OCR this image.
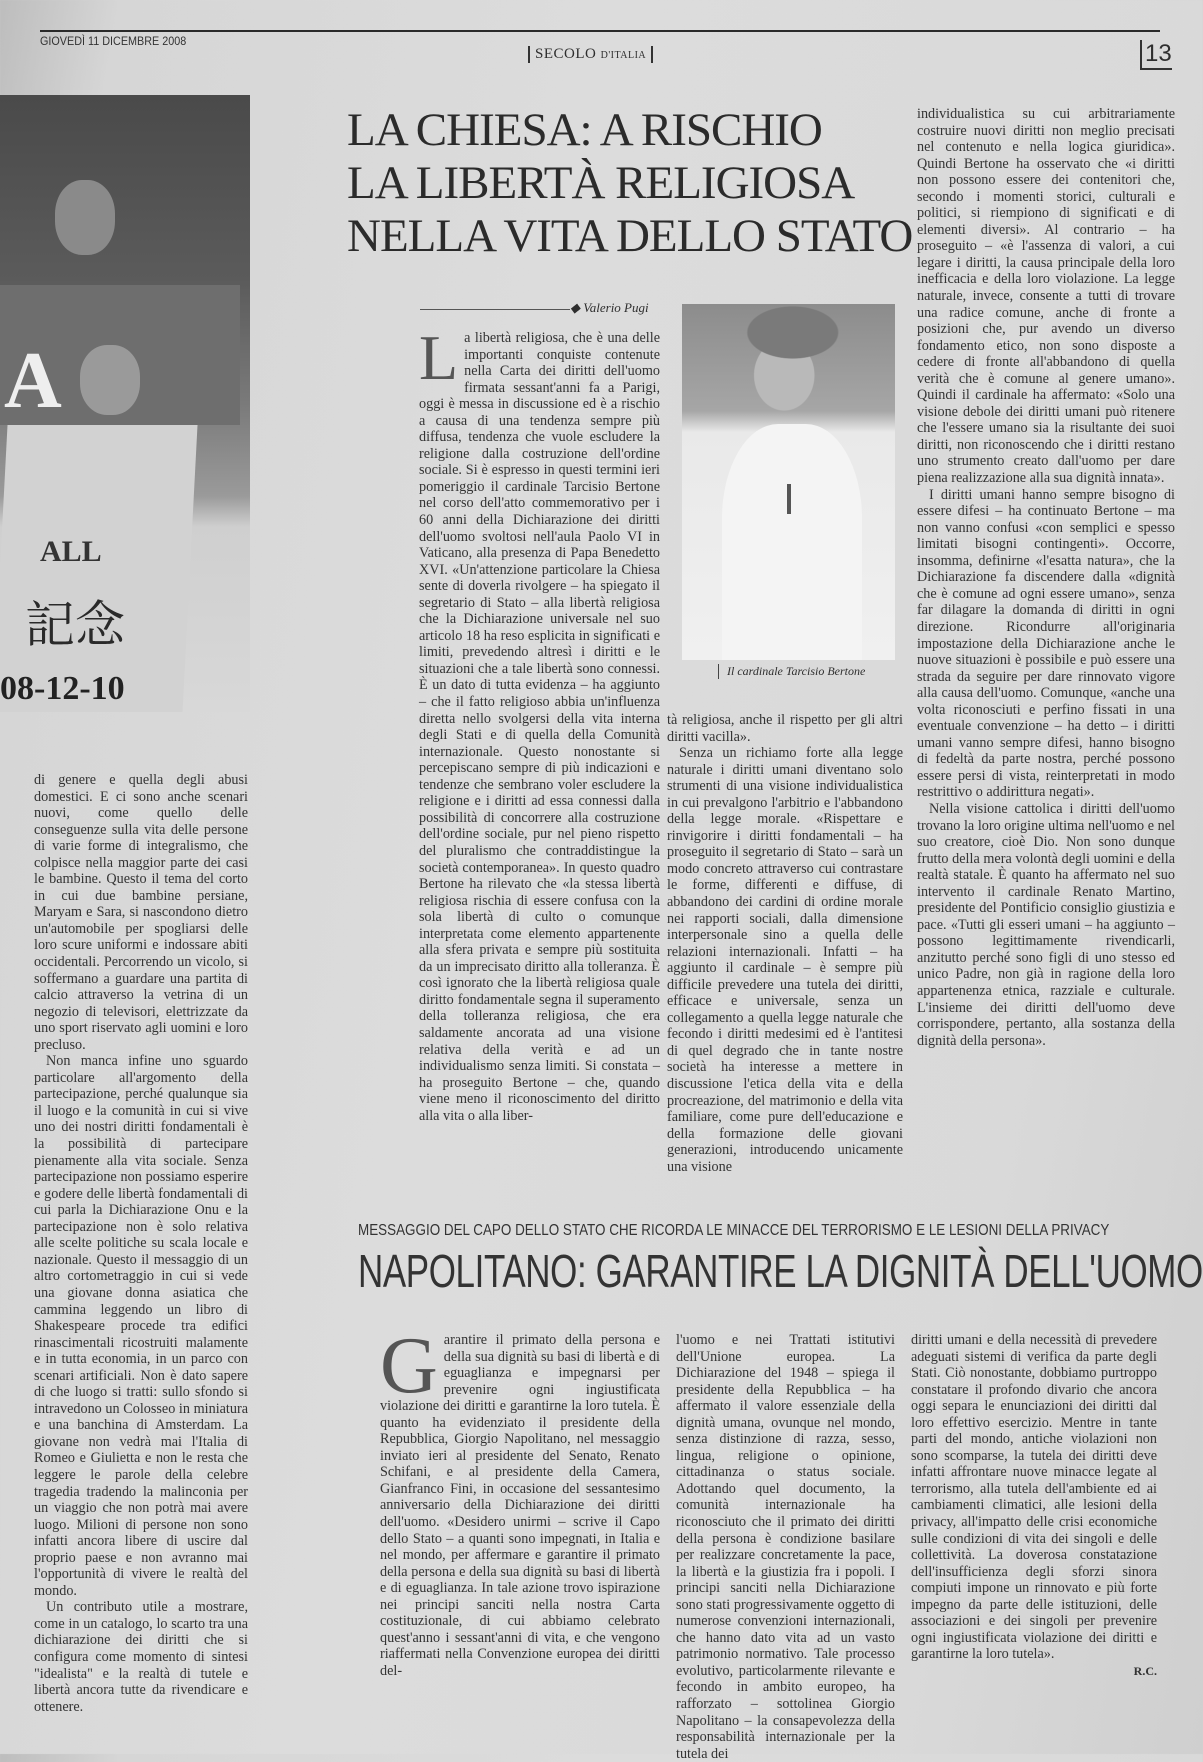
GIOVEDÌ 11 DICEMBRE 2008
SECOLO D'ITALIA	13
A
ALL
記念
08-12-10

di genere e quella degli abusi domestici. E ci sono anche scenari nuovi, come quello delle conseguenze sulla vita delle persone di varie forme di integralismo, che colpisce nella maggior parte dei casi le bambine. Questo il tema del corto in cui due bambine persiane, Maryam e Sara, si nascondono dietro un'automobile per spogliarsi delle loro scure uniformi e indossare abiti occidentali. Percorrendo un vicolo, si soffermano a guardare una partita di calcio attraverso la vetrina di un negozio di televisori, elettrizzate da uno sport riservato agli uomini e loro precluso.

Non manca infine uno sguardo particolare all'argomento della partecipazione, perché qualunque sia il luogo e la comunità in cui si vive uno dei nostri diritti fondamentali è la possibilità di partecipare pienamente alla vita sociale. Senza partecipazione non possiamo esperire e godere delle libertà fondamentali di cui parla la Dichiarazione Onu e la partecipazione non è solo relativa alle scelte politiche su scala locale e nazionale. Questo il messaggio di un altro cortometraggio in cui si vede una giovane donna asiatica che cammina leggendo un libro di Shakespeare procede tra edifici rinascimentali ricostruiti malamente e in tutta economia, in un parco con scenari artificiali. Non è dato sapere di che luogo si tratti: sullo sfondo si intravedono un Colosseo in miniatura e una banchina di Amsterdam. La giovane non vedrà mai l'Italia di Romeo e Giulietta e non le resta che leggere le parole della celebre tragedia tradendo la malinconia per un viaggio che non potrà mai avere luogo. Milioni di persone non sono infatti ancora libere di uscire dal proprio paese e non avranno mai l'opportunità di vivere le realtà del mondo.

Un contributo utile a mostrare, come in un catalogo, lo scarto tra una dichiarazione dei diritti che si configura come momento di sintesi "idealista" e la realtà di tutele e libertà ancora tutte da rivendicare e ottenere.

LA CHIESA: A RISCHIO
LA LIBERTÀ RELIGIOSA
NELLA VITA DELLO STATO
◆ Valerio Pugi
L a libertà religiosa, che è una delle importanti conquiste contenute nella Carta dei diritti dell'uomo firmata sessant'anni fa a Parigi, oggi è messa in discussione ed è a rischio a causa di una tendenza sempre più diffusa, tendenza che vuole escludere la religione dalla costruzione dell'ordine sociale. Si è espresso in questi termini ieri pomeriggio il cardinale Tarcisio Bertone nel corso dell'atto commemorativo per i 60 anni della Dichiarazione dei diritti dell'uomo svoltosi nell'aula Paolo VI in Vaticano, alla presenza di Papa Benedetto XVI. «Un'attenzione particolare la Chiesa sente di doverla rivolgere – ha spiegato il segretario di Stato – alla libertà religiosa che la Dichiarazione universale nel suo articolo 18 ha reso esplicita in significati e limiti, prevedendo altresì i diritti e le situazioni che a tale libertà sono connessi. È un dato di tutta evidenza – ha aggiunto – che il fatto religioso abbia un'influenza diretta nello svolgersi della vita interna degli Stati e di quella della Comunità internazionale. Questo nonostante si percepiscano sempre di più indicazioni e tendenze che sembrano voler escludere la religione e i diritti ad essa connessi dalla possibilità di concorrere alla costruzione dell'ordine sociale, pur nel pieno rispetto del pluralismo che contraddistingue la società contemporanea». In questo quadro Bertone ha rilevato che «la stessa libertà religiosa rischia di essere confusa con la sola libertà di culto o comunque interpretata come elemento appartenente alla sfera privata e sempre più sostituita da un imprecisato diritto alla tolleranza. È così ignorato che la libertà religiosa quale diritto fondamentale segna il superamento della tolleranza religiosa, che era saldamente ancorata ad una visione relativa della verità e ad un individualismo senza limiti. Si constata – ha proseguito Bertone – che, quando viene meno il riconoscimento del diritto alla vita o alla liber-

Il cardinale Tarcisio Bertone

tà religiosa, anche il rispetto per gli altri diritti vacilla».

Senza un richiamo forte alla legge naturale i diritti umani diventano solo strumenti di una visione individualistica in cui prevalgono l'arbitrio e l'abbandono della legge morale. «Rispettare e rinvigorire i diritti fondamentali – ha proseguito il segretario di Stato – sarà un modo concreto attraverso cui contrastare le forme, differenti e diffuse, di abbandono dei cardini di ordine morale nei rapporti sociali, dalla dimensione interpersonale sino a quella delle relazioni internazionali. Infatti – ha aggiunto il cardinale – è sempre più difficile prevedere una tutela dei diritti, efficace e universale, senza un collegamento a quella legge naturale che fecondo i diritti medesimi ed è l'antitesi di quel degrado che in tante nostre società ha interesse a mettere in discussione l'etica della vita e della procreazione, del matrimonio e della vita familiare, come pure dell'educazione e della formazione delle giovani generazioni, introducendo unicamente una visione

individualistica su cui arbitrariamente costruire nuovi diritti non meglio precisati nel contenuto e nella logica giuridica». Quindi Bertone ha osservato che «i diritti non possono essere dei contenitori che, secondo i momenti storici, culturali e politici, si riempiono di significati e di elementi diversi». Al contrario – ha proseguito – «è l'assenza di valori, a cui legare i diritti, la causa principale della loro inefficacia e della loro violazione. La legge naturale, invece, consente a tutti di trovare una radice comune, anche di fronte a posizioni che, pur avendo un diverso fondamento etico, non sono disposte a cedere di fronte all'abbandono di quella verità che è comune al genere umano». Quindi il cardinale ha affermato: «Solo una visione debole dei diritti umani può ritenere che l'essere umano sia la risultante dei suoi diritti, non riconoscendo che i diritti restano uno strumento creato dall'uomo per dare piena realizzazione alla sua dignità innata».

I diritti umani hanno sempre bisogno di essere difesi – ha continuato Bertone – ma non vanno confusi «con semplici e spesso limitati bisogni contingenti». Occorre, insomma, definirne «l'esatta natura», che la Dichiarazione fa discendere dalla «dignità che è comune ad ogni essere umano», senza far dilagare la domanda di diritti in ogni direzione. Ricondurre all'originaria impostazione della Dichiarazione anche le nuove situazioni è possibile e può essere una strada da seguire per dare rinnovato vigore alla causa dell'uomo. Comunque, «anche una volta riconosciuti e perfino fissati in una eventuale convenzione – ha detto – i diritti umani vanno sempre difesi, hanno bisogno di fedeltà da parte nostra, perché possono essere persi di vista, reinterpretati in modo restrittivo o addirittura negati».

Nella visione cattolica i diritti dell'uomo trovano la loro origine ultima nell'uomo e nel suo creatore, cioè Dio. Non sono dunque frutto della mera volontà degli uomini e della realtà statale. È quanto ha affermato nel suo intervento il cardinale Renato Martino, presidente del Pontificio consiglio giustizia e pace. «Tutti gli esseri umani – ha aggiunto – possono legittimamente rivendicarli, anzitutto perché sono figli di uno stesso ed unico Padre, non già in ragione della loro appartenenza etnica, razziale e culturale. L'insieme dei diritti dell'uomo deve corrispondere, pertanto, alla sostanza della dignità della persona».

MESSAGGIO DEL CAPO DELLO STATO CHE RICORDA LE MINACCE DEL TERRORISMO E LE LESIONI DELLA PRIVACY
NAPOLITANO: GARANTIRE LA DIGNITÀ DELL'UOMO
G arantire il primato della persona e della sua dignità su basi di libertà e di eguaglianza e impegnarsi per prevenire ogni ingiustificata violazione dei diritti e garantirne la loro tutela. È quanto ha evidenziato il presidente della Repubblica, Giorgio Napolitano, nel messaggio inviato ieri al presidente del Senato, Renato Schifani, e al presidente della Camera, Gianfranco Fini, in occasione del sessantesimo anniversario della Dichiarazione dei diritti dell'uomo. «Desidero unirmi – scrive il Capo dello Stato – a quanti sono impegnati, in Italia e nel mondo, per affermare e garantire il primato della persona e della sua dignità su basi di libertà e di eguaglianza. In tale azione trovo ispirazione nei principi sanciti nella nostra Carta costituzionale, di cui abbiamo celebrato quest'anno i sessant'anni di vita, e che vengono riaffermati nella Convenzione europea dei diritti del-

l'uomo e nei Trattati istitutivi dell'Unione europea. La Dichiarazione del 1948 – spiega il presidente della Repubblica – ha affermato il valore essenziale della dignità umana, ovunque nel mondo, senza distinzione di razza, sesso, lingua, religione o opinione, cittadinanza o status sociale. Adottando quel documento, la comunità internazionale ha riconosciuto che il primato dei diritti della persona è condizione basilare per realizzare concretamente la pace, la libertà e la giustizia fra i popoli. I principi sanciti nella Dichiarazione sono stati progressivamente oggetto di numerose convenzioni internazionali, che hanno dato vita ad un vasto patrimonio normativo. Tale processo evolutivo, particolarmente rilevante e fecondo in ambito europeo, ha rafforzato – sottolinea Giorgio Napolitano – la consapevolezza della responsabilità internazionale per la tutela dei

diritti umani e della necessità di prevedere adeguati sistemi di verifica da parte degli Stati. Ciò nonostante, dobbiamo purtroppo constatare il profondo divario che ancora oggi separa le enunciazioni dei diritti dal loro effettivo esercizio. Mentre in tante parti del mondo, antiche violazioni non sono scomparse, la tutela dei diritti deve infatti affrontare nuove minacce legate al terrorismo, alla tutela dell'ambiente ed ai cambiamenti climatici, alle lesioni della privacy, all'impatto delle crisi economiche sulle condizioni di vita dei singoli e delle collettività. La doverosa constatazione dell'insufficienza degli sforzi sinora compiuti impone un rinnovato e più forte impegno da parte delle istituzioni, delle associazioni e dei singoli per prevenire ogni ingiustificata violazione dei diritti e garantirne la loro tutela».

R.C.
